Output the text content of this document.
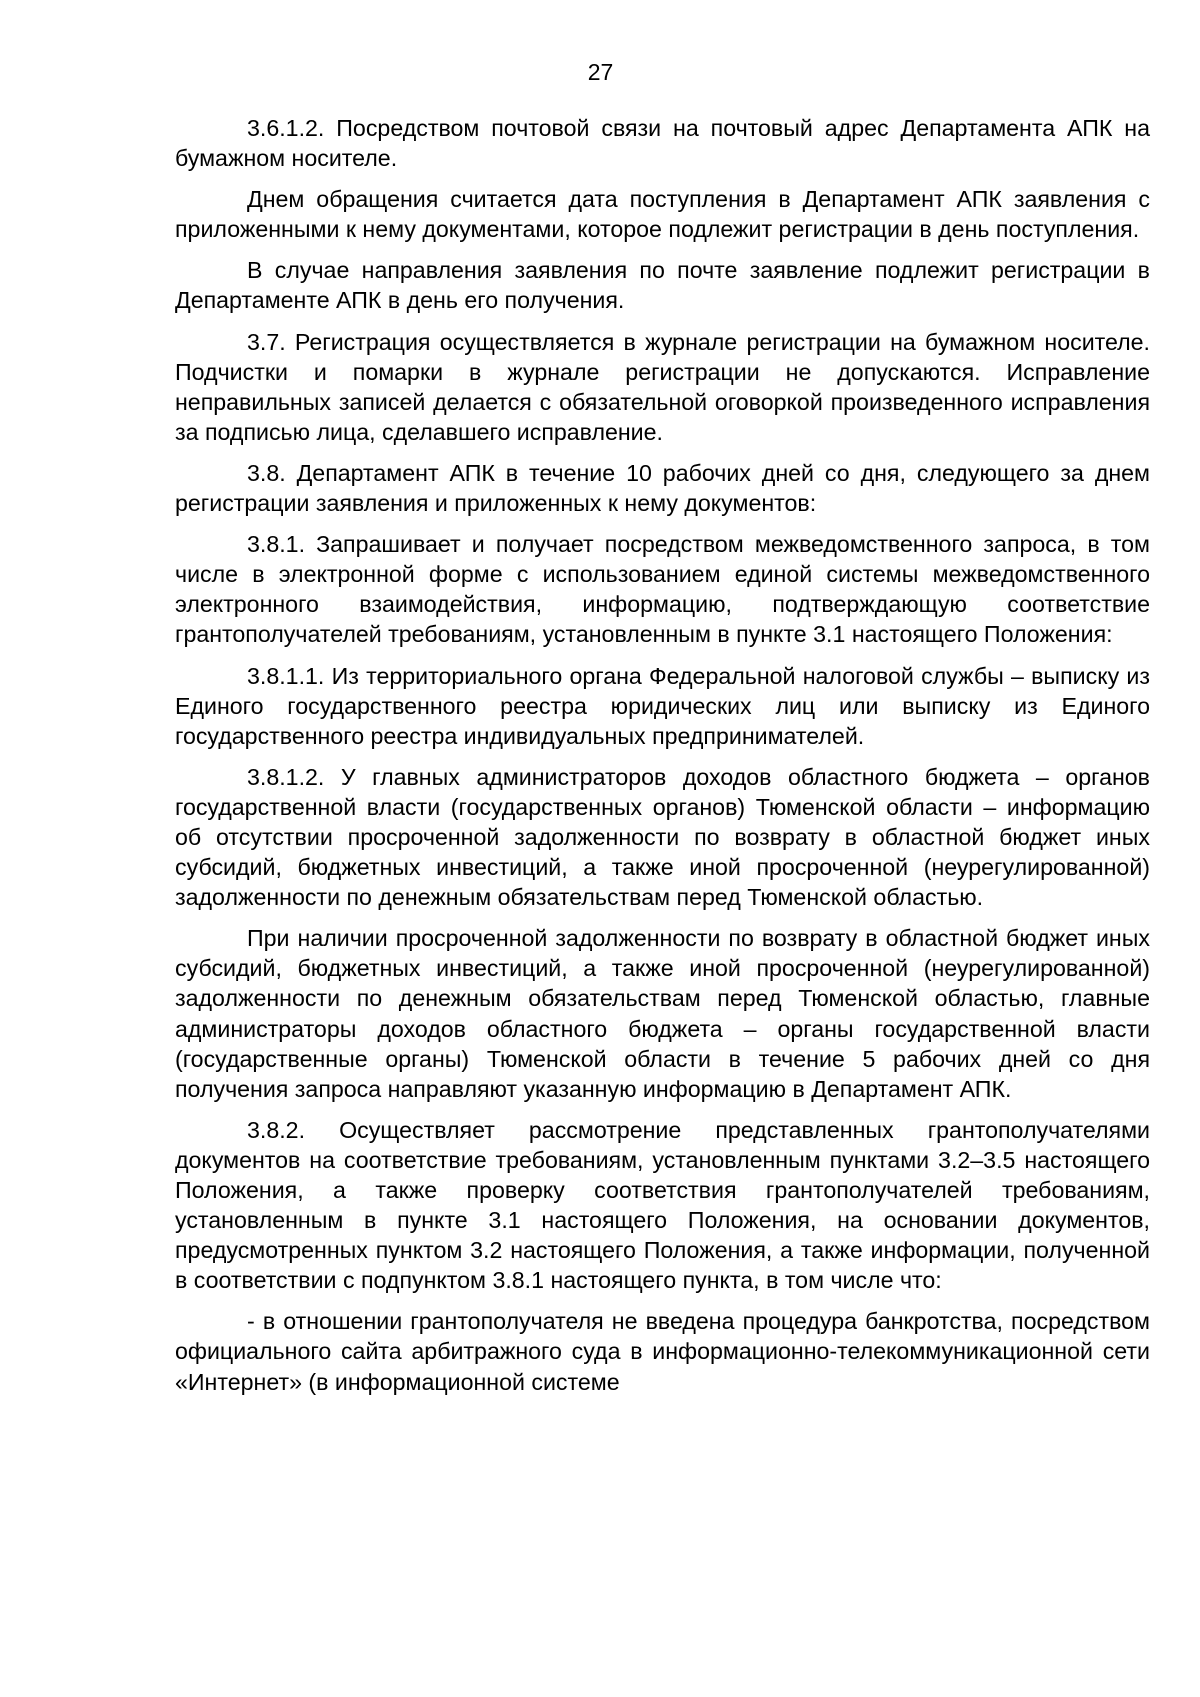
27

3.6.1.2. Посредством почтовой связи на почтовый адрес Департамента АПК на бумажном носителе.

Днем обращения считается дата поступления в Департамент АПК заявления с приложенными к нему документами, которое подлежит регистрации в день поступления.

В случае направления заявления по почте заявление подлежит регистрации в Департаменте АПК в день его получения.

3.7. Регистрация осуществляется в журнале регистрации на бумажном носителе. Подчистки и помарки в журнале регистрации не допускаются. Исправление неправильных записей делается с обязательной оговоркой произведенного исправления за подписью лица, сделавшего исправление.

3.8. Департамент АПК в течение 10 рабочих дней со дня, следующего за днем регистрации заявления и приложенных к нему документов:

3.8.1. Запрашивает и получает посредством межведомственного запроса, в том числе в электронной форме с использованием единой системы межведомственного электронного взаимодействия, информацию, подтверждающую соответствие грантополучателей требованиям, установленным в пункте 3.1 настоящего Положения:

3.8.1.1. Из территориального органа Федеральной налоговой службы – выписку из Единого государственного реестра юридических лиц или выписку из Единого государственного реестра индивидуальных предпринимателей.

3.8.1.2. У главных администраторов доходов областного бюджета – органов государственной власти (государственных органов) Тюменской области – информацию об отсутствии просроченной задолженности по возврату в областной бюджет иных субсидий, бюджетных инвестиций, а также иной просроченной (неурегулированной) задолженности по денежным обязательствам перед Тюменской областью.

При наличии просроченной задолженности по возврату в областной бюджет иных субсидий, бюджетных инвестиций, а также иной просроченной (неурегулированной) задолженности по денежным обязательствам перед Тюменской областью, главные администраторы доходов областного бюджета – органы государственной власти (государственные органы) Тюменской области в течение 5 рабочих дней со дня получения запроса направляют указанную информацию в Департамент АПК.

3.8.2. Осуществляет рассмотрение представленных грантополучателями документов на соответствие требованиям, установленным пунктами 3.2–3.5 настоящего Положения, а также проверку соответствия грантополучателей требованиям, установленным в пункте 3.1 настоящего Положения, на основании документов, предусмотренных пунктом 3.2 настоящего Положения, а также информации, полученной в соответствии с подпунктом 3.8.1 настоящего пункта, в том числе что:

- в отношении грантополучателя не введена процедура банкротства, посредством официального сайта арбитражного суда в информационно-телекоммуникационной сети «Интернет» (в информационной системе
